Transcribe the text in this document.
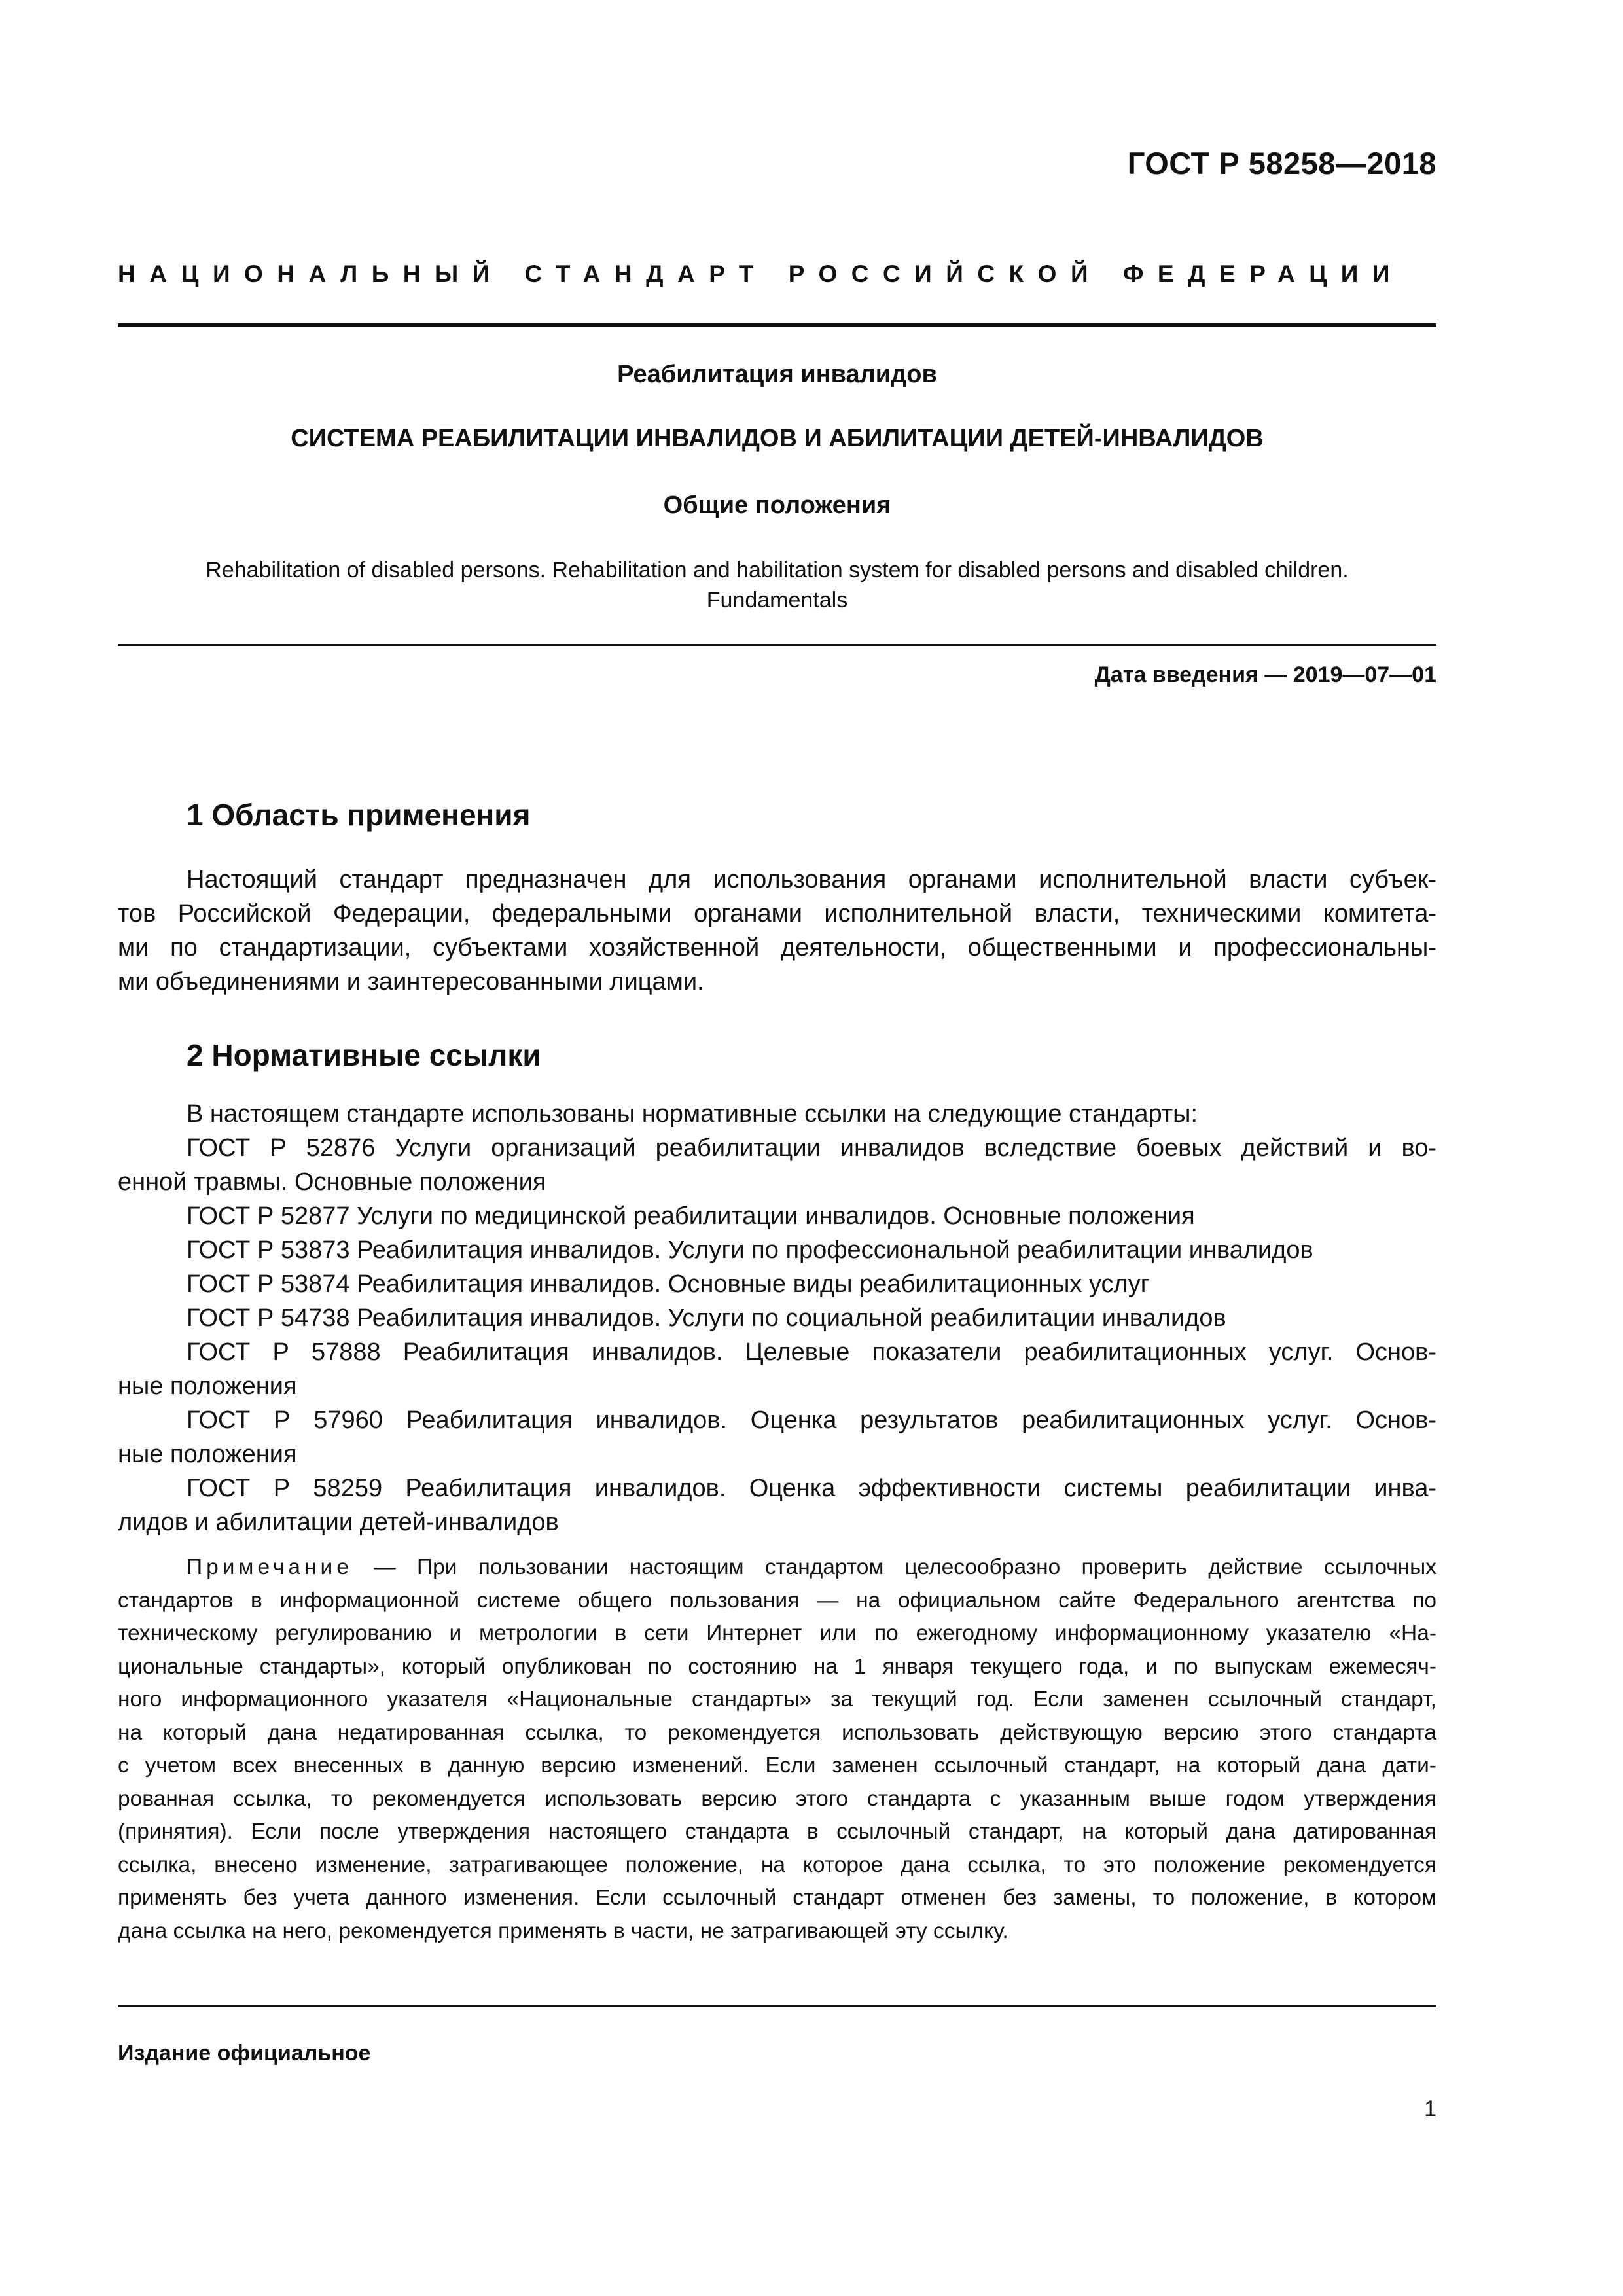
ГОСТ Р 58258—2018
НАЦИОНАЛЬНЫЙ СТАНДАРТ РОССИЙСКОЙ ФЕДЕРАЦИИ
Реабилитация инвалидов
СИСТЕМА РЕАБИЛИТАЦИИ ИНВАЛИДОВ И АБИЛИТАЦИИ ДЕТЕЙ-ИНВАЛИДОВ
Общие положения
Rehabilitation of disabled persons. Rehabilitation and habilitation system for disabled persons and disabled children.
Fundamentals
Дата введения — 2019—07—01
1 Область применения
Настоящий стандарт предназначен для использования органами исполнительной власти субъек-
тов Российской Федерации, федеральными органами исполнительной власти, техническими комитета-
ми по стандартизации, субъектами хозяйственной деятельности, общественными и профессиональны-
ми объединениями и заинтересованными лицами.
2 Нормативные ссылки
В настоящем стандарте использованы нормативные ссылки на следующие стандарты:
ГОСТ Р 52876 Услуги организаций реабилитации инвалидов вследствие боевых действий и во-
енной травмы. Основные положения
ГОСТ Р 52877 Услуги по медицинской реабилитации инвалидов. Основные положения
ГОСТ Р 53873 Реабилитация инвалидов. Услуги по профессиональной реабилитации инвалидов
ГОСТ Р 53874 Реабилитация инвалидов. Основные виды реабилитационных услуг
ГОСТ Р 54738 Реабилитация инвалидов. Услуги по социальной реабилитации инвалидов
ГОСТ Р 57888 Реабилитация инвалидов. Целевые показатели реабилитационных услуг. Основ-
ные положения
ГОСТ Р 57960 Реабилитация инвалидов. Оценка результатов реабилитационных услуг. Основ-
ные положения
ГОСТ Р 58259 Реабилитация инвалидов. Оценка эффективности системы реабилитации инва-
лидов и абилитации детей-инвалидов
Примечание — При пользовании настоящим стандартом целесообразно проверить действие ссылочных
стандартов в информационной системе общего пользования — на официальном сайте Федерального агентства по
техническому регулированию и метрологии в сети Интернет или по ежегодному информационному указателю «На-
циональные стандарты», который опубликован по состоянию на 1 января текущего года, и по выпускам ежемесяч-
ного информационного указателя «Национальные стандарты» за текущий год. Если заменен ссылочный стандарт,
на который дана недатированная ссылка, то рекомендуется использовать действующую версию этого стандарта
с учетом всех внесенных в данную версию изменений. Если заменен ссылочный стандарт, на который дана дати-
рованная ссылка, то рекомендуется использовать версию этого стандарта с указанным выше годом утверждения
(принятия). Если после утверждения настоящего стандарта в ссылочный стандарт, на который дана датированная
ссылка, внесено изменение, затрагивающее положение, на которое дана ссылка, то это положение рекомендуется
применять без учета данного изменения. Если ссылочный стандарт отменен без замены, то положение, в котором
дана ссылка на него, рекомендуется применять в части, не затрагивающей эту ссылку.
Издание официальное
1
